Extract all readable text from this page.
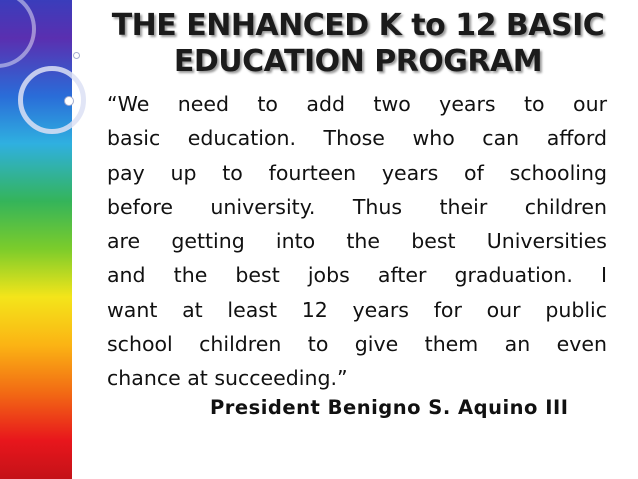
THE ENHANCED K to 12 BASIC
EDUCATION PROGRAM

“We need to add two years to our
basic education. Those who can afford
pay up to fourteen years of schooling
before university. Thus their children
are getting into the best Universities
and the best jobs after graduation. I
want at least 12 years for our public
school children to give them an even
chance at succeeding.”

President Benigno S. Aquino III
